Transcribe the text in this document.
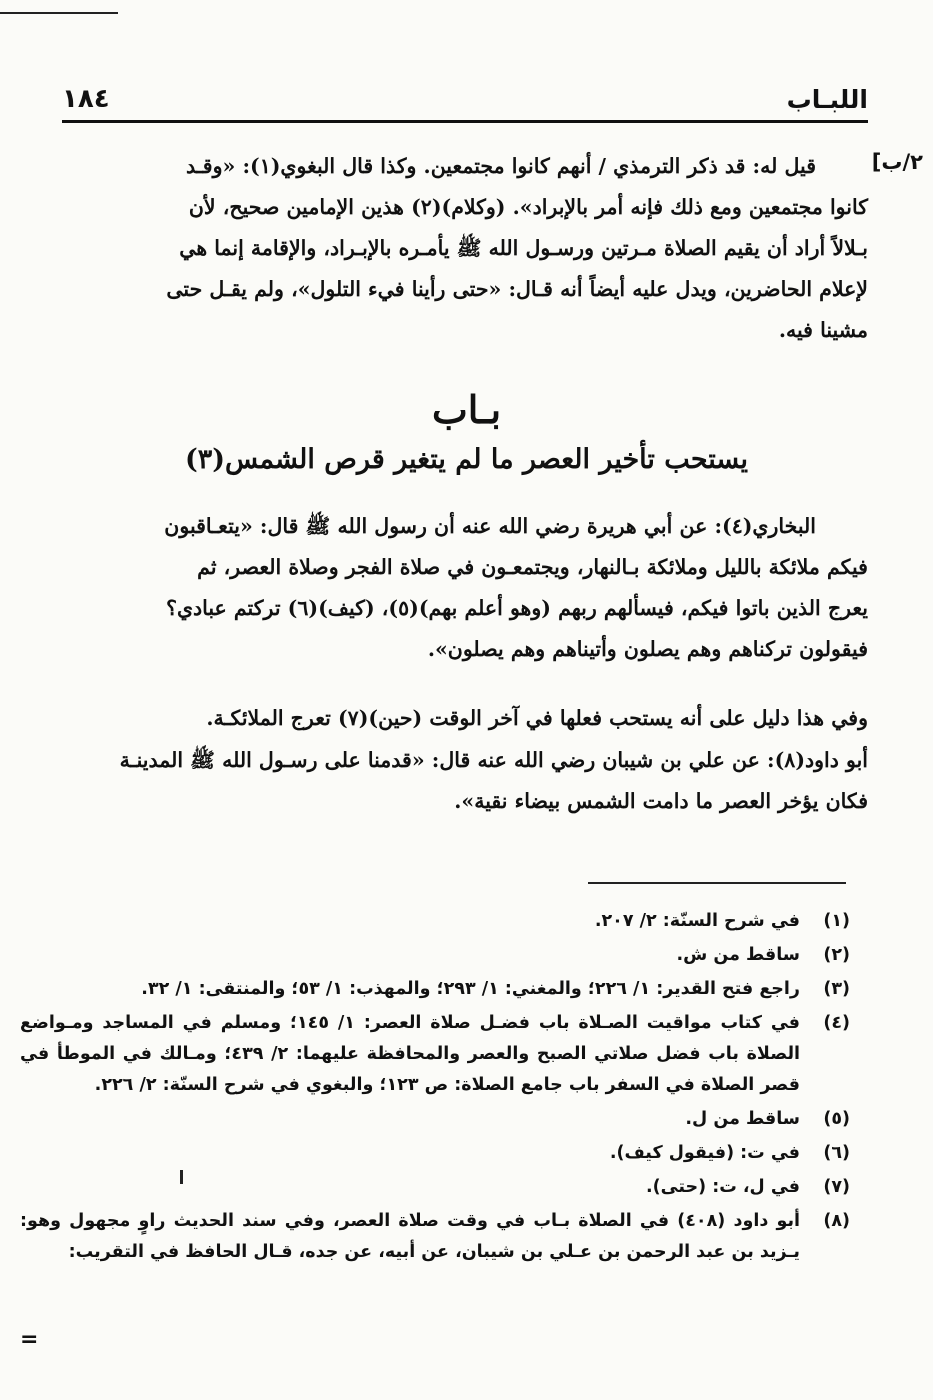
اللبـاب
١٨٤
٢/ب]
قيل له: قد ذكر الترمذي / أنهم كانوا مجتمعين. وكذا قال البغوي(١): «وقـد
كانوا مجتمعين ومع ذلك فإنه أمر بالإبراد». (وكلام)(٢) هذين الإمامين صحيح، لأن
بـلالاً أراد أن يقيم الصلاة مـرتين ورسـول الله ﷺ يأمـره بالإبـراد، والإقامة إنما هي
لإعلام الحاضرين، ويدل عليه أيضاً أنه قـال: «حتى رأينا فيء التلول»، ولم يقـل حتى
مشينا فيه.
بـاب
يستحب تأخير العصر ما لم يتغير قرص الشمس(٣)
البخاري(٤): عن أبي هريرة رضي الله عنه أن رسول الله ﷺ قال: «يتعـاقبون
فيكم ملائكة بالليل وملائكة بـالنهار، ويجتمعـون في صلاة الفجر وصلاة العصر، ثم
يعرج الذين باتوا فيكم، فيسألهم ربهم (وهو أعلم بهم)(٥)، (كيف)(٦) تركتم عبادي؟
فيقولون تركناهم وهم يصلون وأتيناهم وهم يصلون».
وفي هذا دليل على أنه يستحب فعلها في آخر الوقت (حين)(٧) تعرج الملائكـة.
أبو داود(٨): عن علي بن شيبان رضي الله عنه قال: «قدمنا على رسـول الله ﷺ المدينـة
فكان يؤخر العصر ما دامت الشمس بيضاء نقية».
(١)
في شرح السنّة: ٢/ ٢٠٧.
(٢)
ساقط من ش.
(٣)
راجع فتح القدير: ١/ ٢٢٦؛ والمغني: ١/ ٢٩٣؛ والمهذب: ١/ ٥٣؛ والمنتقى: ١/ ٣٢.
(٤)
في كتاب مواقيت الصـلاة باب فضـل صلاة العصر: ١/ ١٤٥؛ ومسلم في المساجد ومـواضع الصلاة باب فضل صلاتي الصبح والعصر والمحافظة عليهما: ٢/ ٤٣٩؛ ومـالك في الموطأ في قصر الصلاة في السفر باب جامع الصلاة: ص ١٢٣؛ والبغوي في شرح السنّة: ٢/ ٢٢٦.
(٥)
ساقط من ل.
(٦)
في ت: (فيقول كيف).
(٧)
في ل، ت: (حتى).
(٨)
أبو داود (٤٠٨) في الصلاة بـاب في وقت صلاة العصر، وفي سند الحديث راوٍ مجهول وهو: يـزيد بن عبد الرحمن بن عـلي بن شيبان، عن أبيه، عن جده، قـال الحافظ في التقريب:
=
